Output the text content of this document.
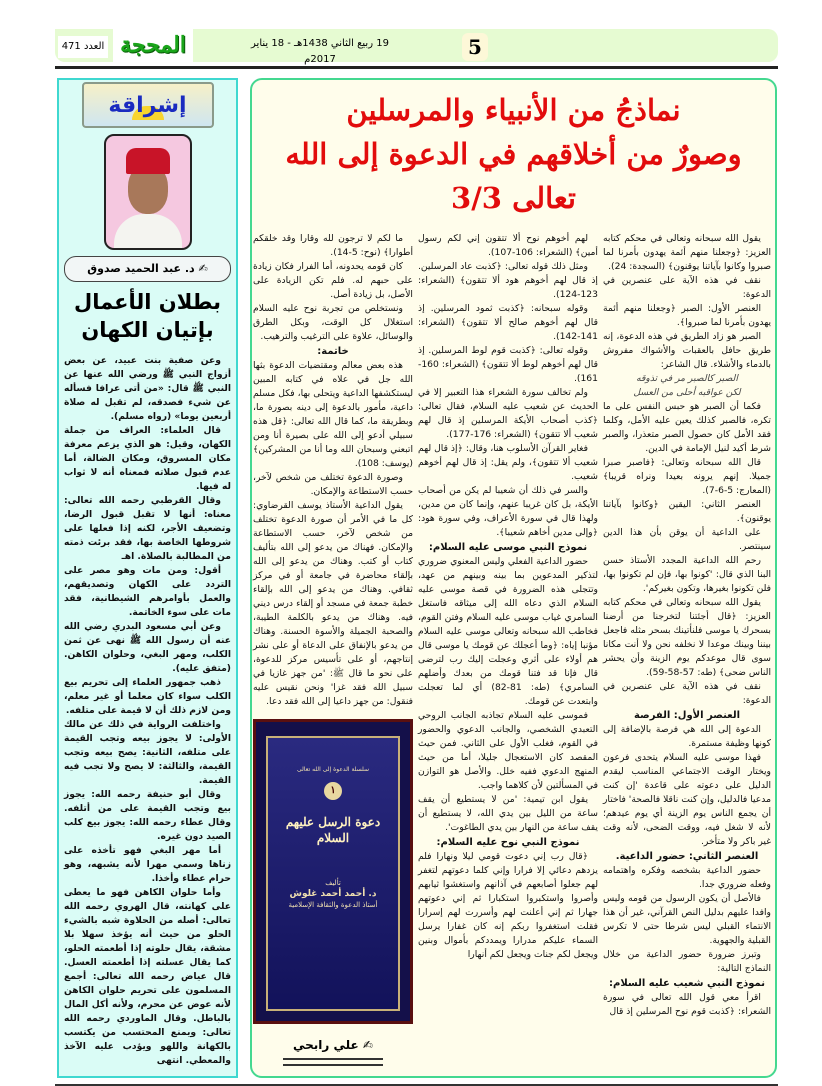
العدد 471 المحجة	19 ربيع الثاني 1438هـ - 18 يناير 2017م
5
إشراقة
✍ د. عبد الحميد صدوق
بطلان الأعمال بإتيان الكهان

وعن صفية بنت عبيد، عن بعض أزواج النبي ﷺ ورضي الله عنها عن النبي ﷺ قال: «من أتى عرافا فسأله عن شيء فصدقه، لم تقبل له صلاة أربعين يوما» (رواه مسلم).

قال العلماء: العراف من جملة الكهان، وقيل: هو الذي يزعم معرفة مكان المسروق، ومكان الضالة، أما عدم قبول صلاته فمعناه أنه لا ثواب له فيها.

وقال القرطبي رحمه الله تعالى: معناه: أنها لا تقبل قبول الرضا، وتضعيف الأجر، لكنه إذا فعلها على شروطها الخاصة بها، فقد برئت ذمته من المطالبة بالصلاة. اهـ

أقول: ومن مات وهو مصر على التردد على الكهان وتصديقهم، والعمل بأوامرهم الشيطانية، فقد مات على سوء الخاتمة.

وعن أبي مسعود البدري رضي الله عنه أن رسول الله ﷺ نهى عن ثمن الكلب، ومهر البغي، وحلوان الكاهن. (متفق عليه).

ذهب جمهور العلماء إلى تحريم بيع الكلب سواء كان معلما أو غير معلم، ومن لازم ذلك أن لا قيمة على متلفه.

واختلفت الرواية في ذلك عن مالك الأولى: لا يجوز بيعه وتجب القيمة على متلفه، الثانية: يصح بيعه وتجب القيمة، والثالثة: لا يصح ولا تجب فيه القيمة.

وقال أبو حنيفة رحمه الله: يجوز بيع وتجب القيمة على من أتلفه. وقال عطاء رحمه الله: يجوز بيع كلب الصيد دون غيره.

أما مهر البغي فهو تأخذه على زناها وسمي مهرا لأنه يشبهه، وهو حرام عطاء وأخذا.

وأما حلوان الكاهن فهو ما يعطى على كهانته، قال الهروي رحمه الله تعالى: أصله من الحلاوة شبه بالشيء الحلو من حيث أنه يؤخذ سهلا بلا مشقة، يقال حلوته إذا أطعمته الحلو، كما يقال عسلته إذا أطعمته العسل. قال عياض رحمه الله تعالى: أجمع المسلمون على تحريم حلوان الكاهن لأنه عوض عن محرم، ولأنه أكل المال بالباطل. وقال الماوردي رحمه الله تعالى: ويمنع المحتسب من يكتسب بالكهانة واللهو ويؤدب عليه الآخذ والمعطي. انتهى

نماذجُ من الأنبياء والمرسلين
وصورٌ من أخلاقهم في الدعوة إلى الله تعالى 3/3

يقول الله سبحانه وتعالى في محكم كتابه العزيز: ﴿وجعلنا منهم أئمة يهدون بأمرنا لما صبروا وكانوا بآياتنا يوقنون﴾ (السجدة: 24).

نقف في هذه الآية على عنصرين في الدعوة:

العنصر الأول: الصبر ﴿وجعلنا منهم أئمة يهدون بأمرنا لما صبروا﴾.

الصبر هو زاد الطريق في هذه الدعوة، إنه طريق حافل بالعقبات والأشواك مفروش بالدماء والأشلاء. قال الشاعر:

الصبر كالصبر مر في تذوقه

لكن عواقبه أحلى من العسل

فكما أن الصبر هو حبس النفس على ما تكره، فالصبر كذلك يعين عليه الأمل، وكلما فقد الأمل كان حصول الصبر متعذرا، والصبر شرط أكيد لنيل الإمامة في الدين.

قال الله سبحانه وتعالى: ﴿فاصبر صبرا جميلا. إنهم يرونه بعيدا ونراه قريبا﴾ (المعارج: 5-6-7).

العنصر الثاني: اليقين ﴿وكانوا بآياتنا يوقنون﴾.

على الداعية أن يوقن بأن هذا الدين سينتصر.

رحم الله الداعية المجدد الأستاذ حسن البنا الذي قال: 'كونوا بها، فإن لم تكونوا بها، فلن تكونوا بغيرها، وتكون بغيركم'.

يقول الله سبحانه وتعالى في محكم كتابه العزيز: ﴿قال أجئتنا لتخرجنا من أرضنا بسحرك يا موسى فلنأتينك بسحر مثله فاجعل بيننا وبينك موعدا لا نخلفه نحن ولا أنت مكانا سوى قال موعدكم يوم الزينة وأن يحشر الناس ضحى﴾ (طه: 57-58-59).

نقف في هذه الآية على عنصرين في الدعوة:

العنصر الأول: الفرصة

الدعوة إلى الله هي فرصة بالإضافة إلى كونها وظيفة مستمرة.

فهذا موسى عليه السلام يتحدى فرعون ويختار الوقت الاجتماعي المناسب ليقدم الدليل على دعوته على قاعدة 'إن كنت مدعيا فالدليل، وإن كنت ناقلا فالصحة' فاختار أن يجمع الناس يوم الزينة أي يوم عيدهم؛ لأنه لا شغل فيه، ووقت الضحى، لأنه وقت غير باكر ولا متأخر.

العنصر الثاني: حضور الداعية.

حضور الداعية بشخصه وفكره واهتمامه وفعله ضروري جدا.

فالأصل أن يكون الرسول من قومه وليس وافدا عليهم بدليل النص القرآني، غير أن هذا الانتماء القبلي ليس شرطا حتى لا تكرس القبلية والجهوية.

وتبرز ضرورة حضور الداعية من خلال النماذج التالية:

نموذج النبي شعيب عليه السلام:

اقرأ معي قول الله تعالى في سورة الشعراء: ﴿كذبت قوم نوح المرسلين إذ قال

لهم أخوهم نوح ألا تتقون إني لكم رسول أمين﴾ (الشعراء: 106-107).

ومثل ذلك قوله تعالى: ﴿كذبت عاد المرسلين. إذ قال لهم أخوهم هود ألا تتقون﴾ (الشعراء: 123-124).

وقوله سبحانه: ﴿كذبت ثمود المرسلين. إذ قال لهم أخوهم صالح ألا تتقون﴾ (الشعراء: 141-142).

وقوله تعالى: ﴿كذبت قوم لوط المرسلين. إذ قال لهم أخوهم لوط ألا تتقون﴾ (الشعراء: 160-161).

ولم تخالف سورة الشعراء هذا التعبير إلا في الحديث عن شعيب عليه السلام، فقال تعالى: ﴿كذب أصحاب الأيكة المرسلين إذ قال لهم شعيب ألا تتقون﴾ (الشعراء: 176-177).

فغاير القرآن الأسلوب هنا، وقال: ﴿إذ قال لهم شعيب ألا تتقون﴾، ولم يقل: إذ قال لهم أخوهم شعيب.

والسر في ذلك أن شعيبا لم يكن من أصحاب الأيكة، بل كان غريبا عنهم، وإنما كان من مدين، ولهذا قال في سورة الأعراف، وفي سورة هود: ﴿وإلى مدين أخاهم شعيبا﴾.

نموذج النبي موسى عليه السلام:

حضور الداعية الفعلي وليس المعنوي ضروري لتذكير المدعوين بما بينه وبينهم من عهد، وتتجلى هذه الضرورة في قصة موسى عليه السلام الذي دعاه الله إلى ميثاقه فاستغل السامري غياب موسى عليه السلام وفتن القوم، فخاطب الله سبحانه وتعالى موسى عليه السلام مؤنبا إياه: ﴿وما أعجلك عن قومك يا موسى قال هم أولاء على أثري وعجلت إليك رب لترضى قال فإنا قد فتنا قومك من بعدك وأضلهم السامري﴾ (طه: 81-82) أي لما تعجلت وابتعدت عن قومك.

فموسى عليه السلام تجاذبه الجانب الروحي التعبدي الشخصي، والجانب الدعوي والحضور في القوم، فغلب الأول على الثاني. فمن حيث المقصد كان الاستعجال جليلا، أما من حيث المنهج الدعوي ففيه خلل. والأصل هو التوازن في المسألتين لأن كلاهما واجب.

يقول ابن تيمية: 'من لا يستطيع أن يقف ساعة من الليل بين يدي الله، لا يستطيع أن يقف ساعة من النهار بين يدي الطاغوت'.

نموذج النبي نوح عليه السلام:

﴿قال رب إني دعوت قومي ليلا ونهارا فلم يزدهم دعائي إلا فرارا وإني كلما دعوتهم لتغفر لهم جعلوا أصابعهم في آذانهم واستغشوا ثيابهم وأصروا واستكبروا استكبارا ثم إني دعوتهم جهارا ثم إني أعلنت لهم وأسررت لهم إسرارا فقلت استغفروا ربكم إنه كان غفارا يرسل السماء عليكم مدرارا ويمددكم بأموال وبنين ويجعل لكم جنات ويجعل لكم أنهارا

ما لكم لا ترجون لله وقارا وقد خلقكم أطوارا﴾ (نوح: 5-14).

كان قومه يحدونه، أما الفرار فكان زيادة على حبهم له. فلم تكن الزيادة على الأصل، بل زيادة أصل.

ونستخلص من تجربة نوح عليه السلام استغلال كل الوقت، وبكل الطرق والوسائل، علاوة على الترغيب والترهيب.

خاتمة:

هذه بعض معالم ومقتضيات الدعوة بثها الله جل في علاه في كتابه المبين ليستكشفها الداعية ويتحلى بها، فكل مسلم داعية، مأمور بالدعوة إلى دينه بصورة ما، وبطريقة ما، كما قال الله تعالى: ﴿قل هذه سبيلي أدعو إلى الله على بصيرة أنا ومن اتبعني وسبحان الله وما أنا من المشركين﴾ (يوسف: 108).

وصورة الدعوة تختلف من شخص لآخر، حسب الاستطاعة والإمكان.

يقول الداعية الأستاذ يوسف القرضاوي: كل ما في الأمر أن صورة الدعوة تختلف من شخص لآخر، حسب الاستطاعة والإمكان. فهناك من يدعو إلى الله بتأليف كتاب أو كتب. وهناك من يدعو إلى الله بإلقاء محاضرة في جامعة أو في مركز ثقافي. وهناك من يدعو إلى الله بإلقاء خطبة جمعة في مسجد أو إلقاء درس ديني فيه. وهناك من يدعو بالكلمة الطيبة، والصحبة الجميلة والأسوة الحسنة. وهناك من يدعو بالإنفاق على الدعاة أو على نشر إنتاجهم، أو على تأسيس مركز للدعوة، على نحو ما قال ﷺ: 'من جهز غازيا في سبيل الله فقد غزا' ونحن نقيس عليه فنقول: من جهز داعيا إلى الله فقد دعا.

سلسلة الدعوة إلى الله تعالى
١
دعوة الرسل عليهم السلام
تأليف
د. أحمد أحمد غلوش
أستاذ الدعوة والثقافة الإسلامية
✍ علي رابحي
